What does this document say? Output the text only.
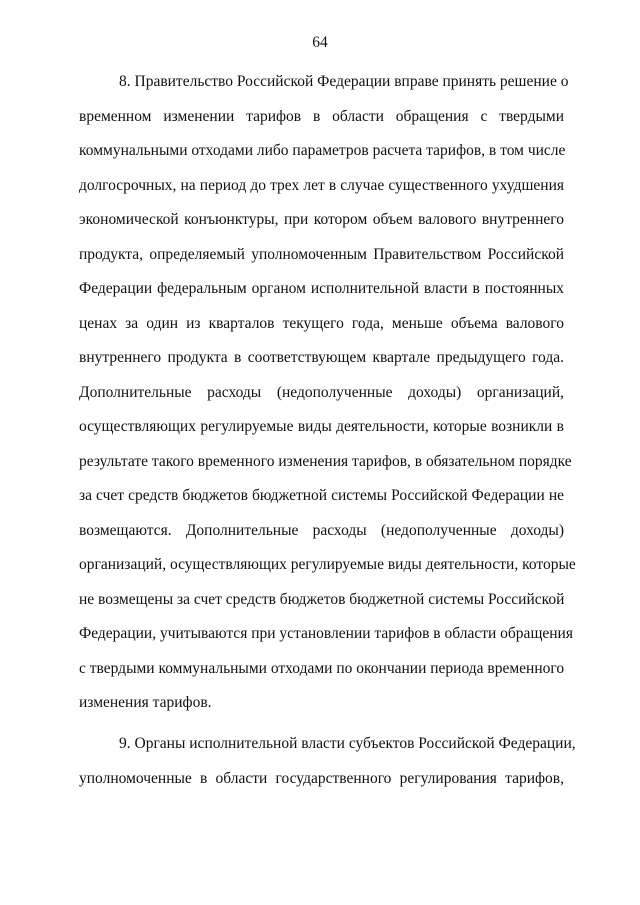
64

8. Правительство Российской Федерации вправе принять решение о

временном изменении тарифов в области обращения с твердыми

коммунальными отходами либо параметров расчета тарифов, в том числе

долгосрочных, на период до трех лет в случае существенного ухудшения

экономической конъюнктуры, при котором объем валового внутреннего

продукта, определяемый уполномоченным Правительством Российской

Федерации федеральным органом исполнительной власти в постоянных

ценах за один из кварталов текущего года, меньше объема валового

внутреннего продукта в соответствующем квартале предыдущего года.

Дополнительные расходы (недополученные доходы) организаций,

осуществляющих регулируемые виды деятельности, которые возникли в

результате такого временного изменения тарифов, в обязательном порядке

за счет средств бюджетов бюджетной системы Российской Федерации не

возмещаются. Дополнительные расходы (недополученные доходы)

организаций, осуществляющих регулируемые виды деятельности, которые

не возмещены за счет средств бюджетов бюджетной системы Российской

Федерации, учитываются при установлении тарифов в области обращения

с твердыми коммунальными отходами по окончании периода временного

изменения тарифов.

9. Органы исполнительной власти субъектов Российской Федерации,

уполномоченные в области государственного регулирования тарифов,
